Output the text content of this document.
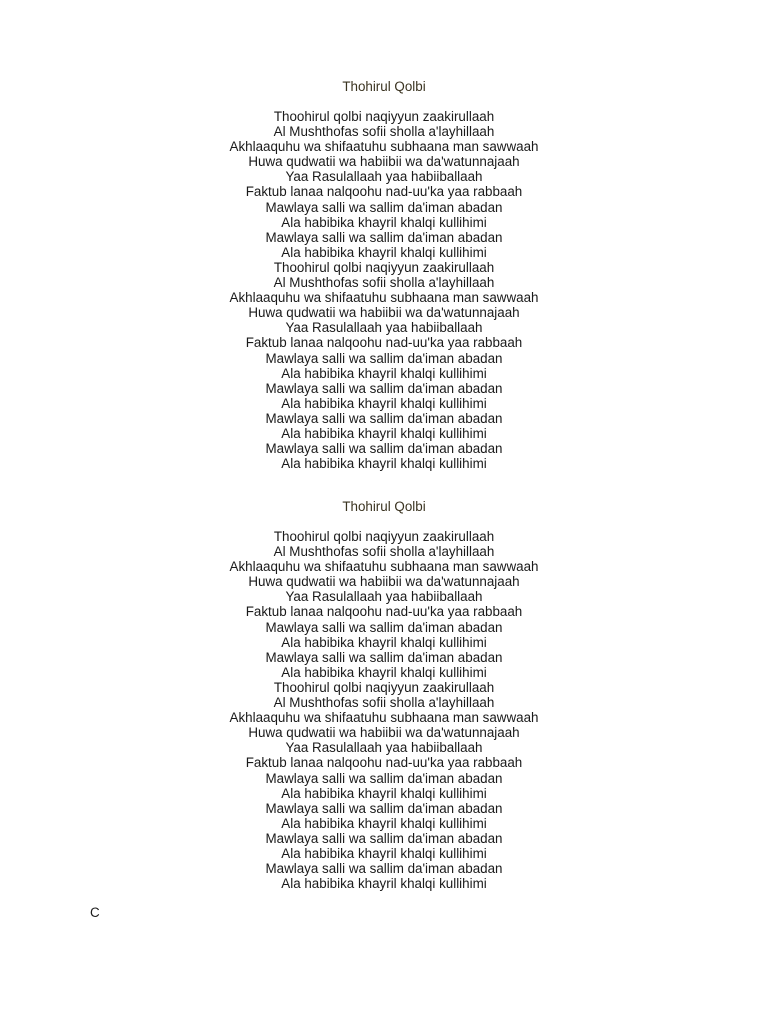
Thohirul Qolbi
Thoohirul qolbi naqiyyun zaakirullaah
Al Mushthofas sofii sholla a'layhillaah
Akhlaaquhu wa shifaatuhu subhaana man sawwaah
Huwa qudwatii wa habiibii wa da'watunnajaah
Yaa Rasulallaah yaa habiiballaah
Faktub lanaa nalqoohu nad-uu'ka yaa rabbaah
Mawlaya salli wa sallim da'iman abadan
Ala habibika khayril khalqi kullihimi
Mawlaya salli wa sallim da'iman abadan
Ala habibika khayril khalqi kullihimi
Thoohirul qolbi naqiyyun zaakirullaah
Al Mushthofas sofii sholla a'layhillaah
Akhlaaquhu wa shifaatuhu subhaana man sawwaah
Huwa qudwatii wa habiibii wa da'watunnajaah
Yaa Rasulallaah yaa habiiballaah
Faktub lanaa nalqoohu nad-uu'ka yaa rabbaah
Mawlaya salli wa sallim da'iman abadan
Ala habibika khayril khalqi kullihimi
Mawlaya salli wa sallim da'iman abadan
Ala habibika khayril khalqi kullihimi
Mawlaya salli wa sallim da'iman abadan
Ala habibika khayril khalqi kullihimi
Mawlaya salli wa sallim da'iman abadan
Ala habibika khayril khalqi kullihimi
Thohirul Qolbi
Thoohirul qolbi naqiyyun zaakirullaah
Al Mushthofas sofii sholla a'layhillaah
Akhlaaquhu wa shifaatuhu subhaana man sawwaah
Huwa qudwatii wa habiibii wa da'watunnajaah
Yaa Rasulallaah yaa habiiballaah
Faktub lanaa nalqoohu nad-uu'ka yaa rabbaah
Mawlaya salli wa sallim da'iman abadan
Ala habibika khayril khalqi kullihimi
Mawlaya salli wa sallim da'iman abadan
Ala habibika khayril khalqi kullihimi
Thoohirul qolbi naqiyyun zaakirullaah
Al Mushthofas sofii sholla a'layhillaah
Akhlaaquhu wa shifaatuhu subhaana man sawwaah
Huwa qudwatii wa habiibii wa da'watunnajaah
Yaa Rasulallaah yaa habiiballaah
Faktub lanaa nalqoohu nad-uu'ka yaa rabbaah
Mawlaya salli wa sallim da'iman abadan
Ala habibika khayril khalqi kullihimi
Mawlaya salli wa sallim da'iman abadan
Ala habibika khayril khalqi kullihimi
Mawlaya salli wa sallim da'iman abadan
Ala habibika khayril khalqi kullihimi
Mawlaya salli wa sallim da'iman abadan
Ala habibika khayril khalqi kullihimi
C
